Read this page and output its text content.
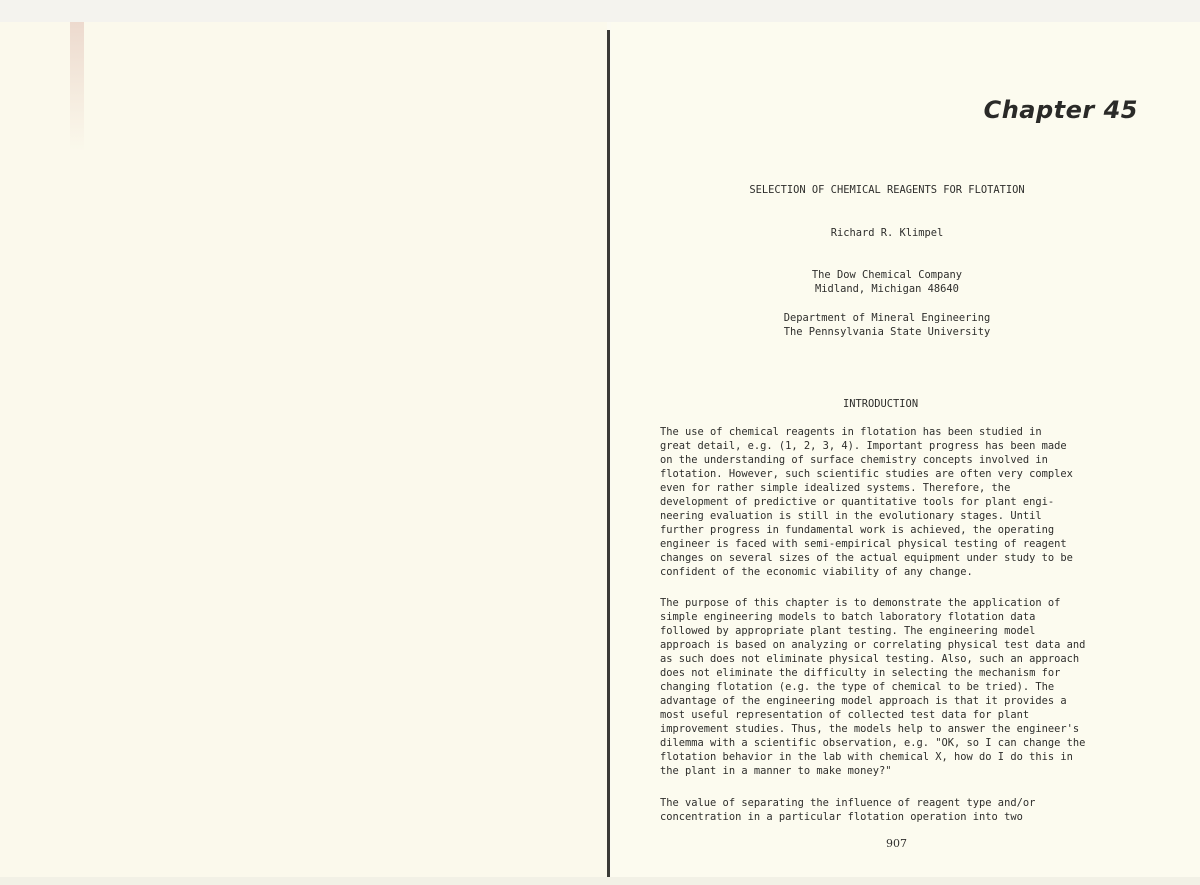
Chapter 45
SELECTION OF CHEMICAL REAGENTS FOR FLOTATION
Richard R. Klimpel
The Dow Chemical Company
Midland, Michigan 48640
Department of Mineral Engineering
The Pennsylvania State University
INTRODUCTION
The use of chemical reagents in flotation has been studied in
great detail, e.g. (1, 2, 3, 4). Important progress has been made
on the understanding of surface chemistry concepts involved in
flotation. However, such scientific studies are often very complex
even for rather simple idealized systems. Therefore, the
development of predictive or quantitative tools for plant engi-
neering evaluation is still in the evolutionary stages. Until
further progress in fundamental work is achieved, the operating
engineer is faced with semi-empirical physical testing of reagent
changes on several sizes of the actual equipment under study to be
confident of the economic viability of any change.
The purpose of this chapter is to demonstrate the application of
simple engineering models to batch laboratory flotation data
followed by appropriate plant testing. The engineering model
approach is based on analyzing or correlating physical test data and
as such does not eliminate physical testing. Also, such an approach
does not eliminate the difficulty in selecting the mechanism for
changing flotation (e.g. the type of chemical to be tried). The
advantage of the engineering model approach is that it provides a
most useful representation of collected test data for plant
improvement studies. Thus, the models help to answer the engineer's
dilemma with a scientific observation, e.g. "OK, so I can change the
flotation behavior in the lab with chemical X, how do I do this in
the plant in a manner to make money?"
The value of separating the influence of reagent type and/or
concentration in a particular flotation operation into two
907
